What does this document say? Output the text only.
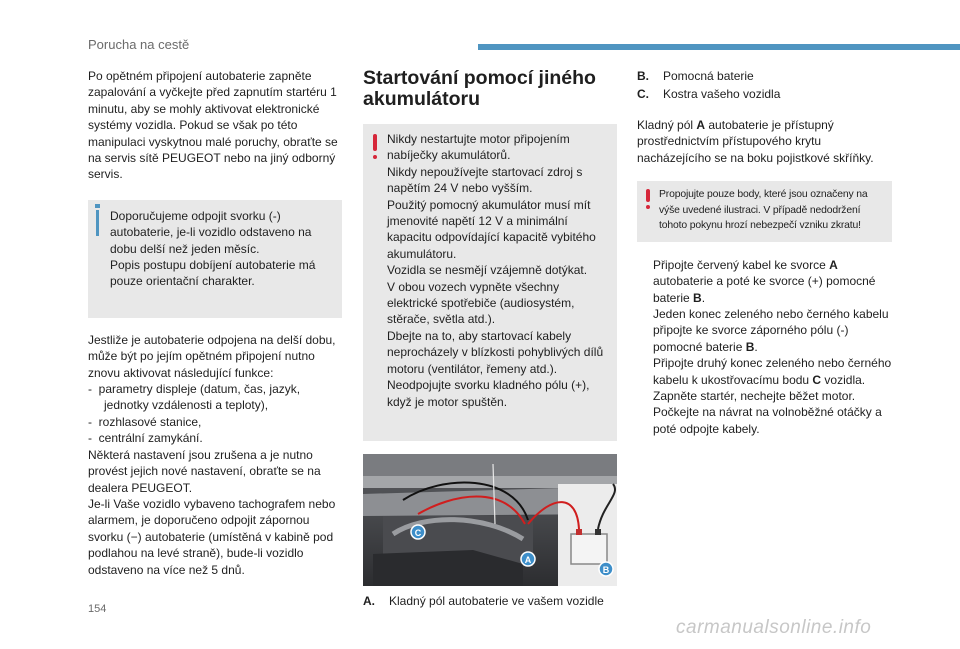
Porucha na cestě

Po opětném připojení autobaterie zapněte zapalování a vyčkejte před zapnutím startéru 1 minutu, aby se mohly aktivovat elektronické systémy vozidla. Pokud se však po této manipulaci vyskytnou malé poruchy, obraťte se na servis sítě PEUGEOT nebo na jiný odborný servis.

Doporučujeme odpojit svorku (-) autobaterie, je-li vozidlo odstaveno na dobu delší než jeden měsíc.
Popis postupu dobíjení autobaterie má pouze orientační charakter.

Jestliže je autobaterie odpojena na delší dobu, může být po jejím opětném připojení nutno znovu aktivovat následující funkce:

-  parametry displeje (datum, čas, jazyk, jednotky vzdálenosti a teploty),

-  rozhlasové stanice,

-  centrální zamykání.

Některá nastavení jsou zrušena a je nutno provést jejich nové nastavení, obraťte se na dealera PEUGEOT.
Je-li Vaše vozidlo vybaveno tachografem nebo alarmem, je doporučeno odpojit zápornou svorku (−) autobaterie (umístěná v kabině pod podlahou na levé straně), bude-li vozidlo odstaveno na více než 5 dnů.

Startování pomocí jiného akumulátoru

Nikdy nestartujte motor připojením nabíječky akumulátorů.
Nikdy nepoužívejte startovací zdroj s napětím 24 V nebo vyšším.
Použitý pomocný akumulátor musí mít jmenovité napětí 12 V a minimální kapacitu odpovídající kapacitě vybitého akumulátoru.
Vozidla se nesmějí vzájemně dotýkat.
V obou vozech vypněte všechny elektrické spotřebiče (audiosystém, stěrače, světla atd.).
Dbejte na to, aby startovací kabely neprocházely v blízkosti pohyblivých dílů motoru (ventilátor, řemeny atd.).
Neodpojujte svorku kladného pólu (+), když je motor spuštěn.

C
A
B
A.	Kladný pól autobaterie ve vašem vozidle
B.	Pomocná baterie
C.	Kostra vašeho vozidla

Kladný pól A autobaterie je přístupný prostřednictvím přístupového krytu nacházejícího se na boku pojistkové skříňky.

Propojujte pouze body, které jsou označeny na výše uvedené ilustraci. V případě nedodržení tohoto pokynu hrozí nebezpečí vzniku zkratu!

Připojte červený kabel ke svorce A autobaterie a poté ke svorce (+) pomocné baterie B.
Jeden konec zeleného nebo černého kabelu připojte ke svorce záporného pólu (-) pomocné baterie B.
Připojte druhý konec zeleného nebo černého kabelu k ukostřovacímu bodu C vozidla.
Zapněte startér, nechejte běžet motor.
Počkejte na návrat na volnoběžné otáčky a poté odpojte kabely.
154
carmanualsonline.info
